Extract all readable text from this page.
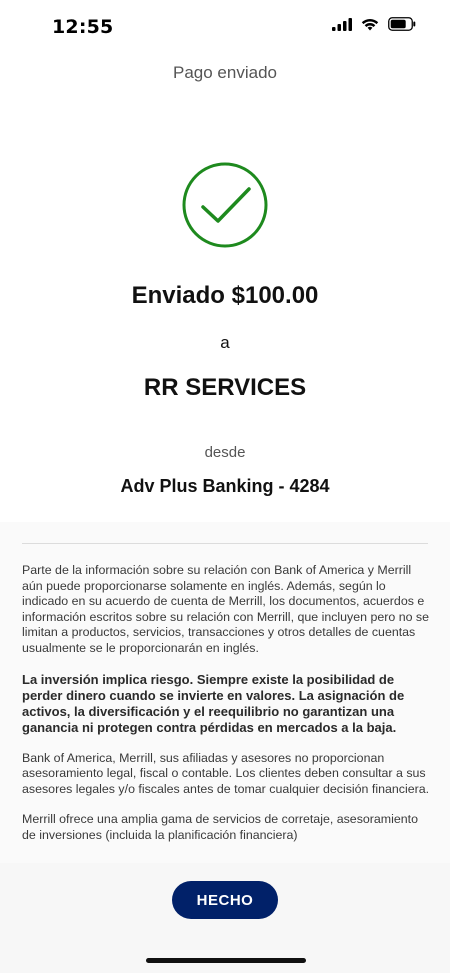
12:55
Pago enviado
Enviado $100.00
a
RR SERVICES
desde
Adv Plus Banking - 4284

Parte de la información sobre su relación con Bank of America y Merrill aún puede proporcionarse solamente en inglés. Además, según lo indicado en su acuerdo de cuenta de Merrill, los documentos, acuerdos e información escritos sobre su relación con Merrill, que incluyen pero no se limitan a productos, servicios, transacciones y otros detalles de cuentas usualmente se le proporcionarán en inglés.

La inversión implica riesgo. Siempre existe la posibilidad de perder dinero cuando se invierte en valores. La asignación de activos, la diversificación y el reequilibrio no garantizan una ganancia ni protegen contra pérdidas en mercados a la baja.

Bank of America, Merrill, sus afiliadas y asesores no proporcionan asesoramiento legal, fiscal o contable. Los clientes deben consultar a sus asesores legales y/o fiscales antes de tomar cualquier decisión financiera.

Merrill ofrece una amplia gama de servicios de corretaje, asesoramiento de inversiones (incluida la planificación financiera)

HECHO
